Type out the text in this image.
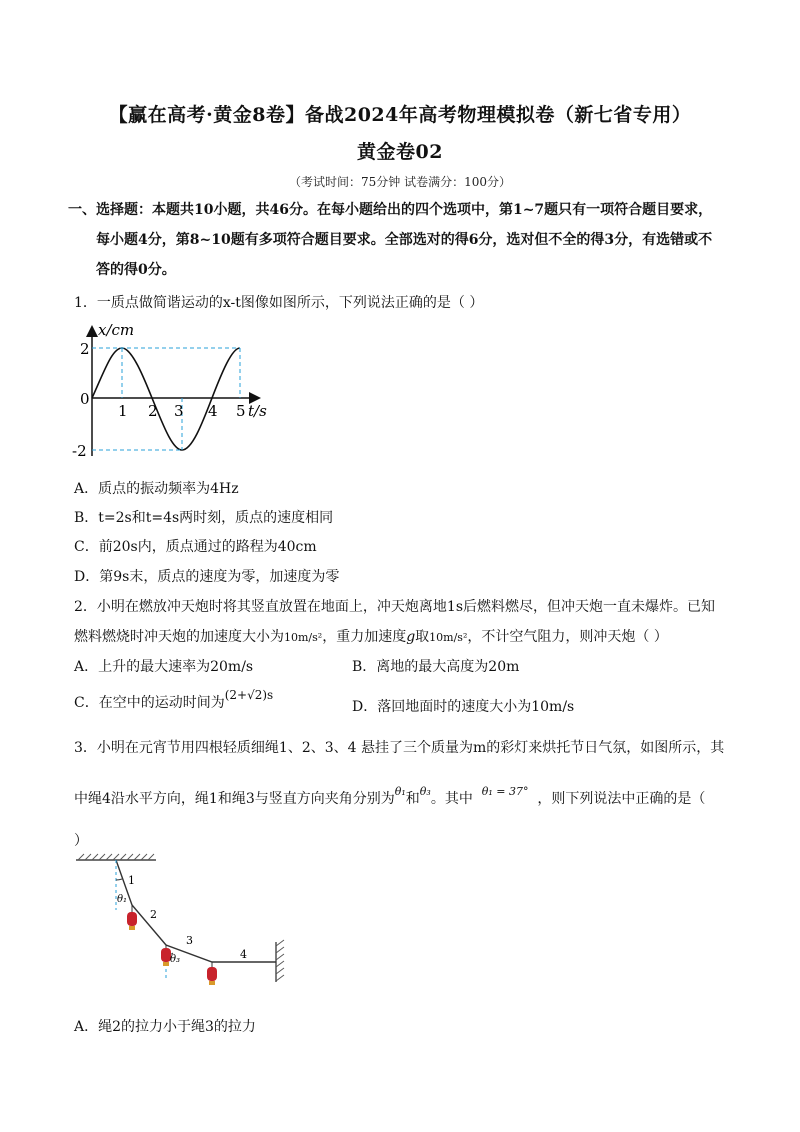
【赢在高考·黄金8卷】备战2024年高考物理模拟卷（新七省专用）
黄金卷02
（考试时间：75分钟 试卷满分：100分）
一、选择题：本题共10小题，共46分。在每小题给出的四个选项中，第1~7题只有一项符合题目要求，
每小题4分，第8~10题有多项符合题目要求。全部选对的得6分，选对但不全的得3分，有选错或不
答的得0分。
1．一质点做简谐运动的x-t图像如图所示，下列说法正确的是（ ）
x/cm
t/s
0
2
-2
1 2 3 4 5
A．质点的振动频率为4Hz
B．t=2s和t=4s两时刻，质点的速度相同
C．前20s内，质点通过的路程为40cm
D．第9s末，质点的速度为零，加速度为零
2．小明在燃放冲天炮时将其竖直放置在地面上，冲天炮离地1s后燃料燃尽，但冲天炮一直未爆炸。已知
燃料燃烧时冲天炮的加速度大小为10m/s²，重力加速度g取10m/s²，不计空气阻力，则冲天炮（ ）
A．上升的最大速率为20m/s	B．离地的最大高度为20m
C．在空中的运动时间为(2+√2)s
D．落回地面时的速度大小为10m/s
3．小明在元宵节用四根轻质细绳1、2、3、4 悬挂了三个质量为m的彩灯来烘托节日气氛，如图所示，其
中绳4沿水平方向，绳1和绳3与竖直方向夹角分别为$^{\theta_1}$和$^{\theta_3}$。其中 $^{\theta_1 = 37^\circ}$ ，则下列说法中正确的是（
）
1
2
3
4
θ₁
θ₃
A．绳2的拉力小于绳3的拉力
